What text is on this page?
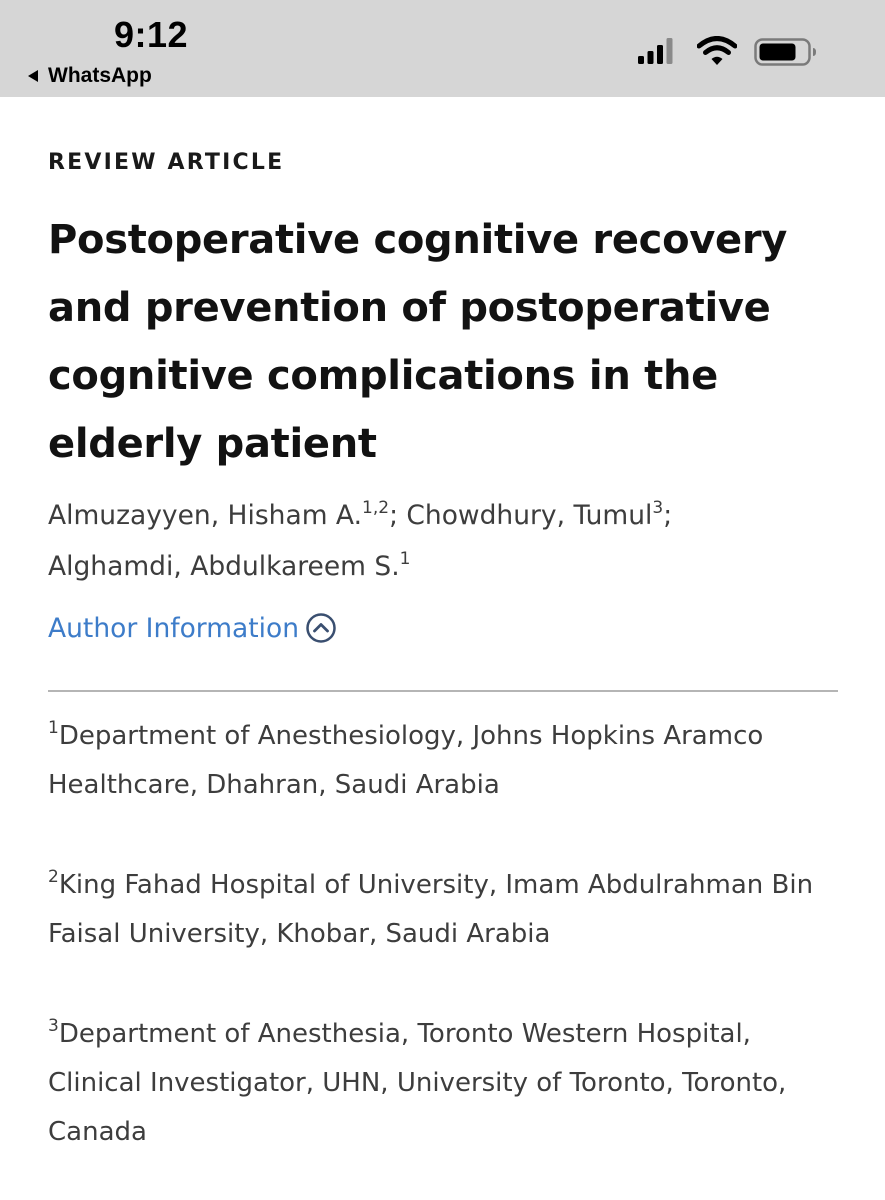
9:12
WhatsApp
REVIEW ARTICLE
Postoperative cognitive recovery and prevention of postoperative cognitive complications in the elderly patient
Almuzayyen, Hisham A.$^{1,2}$; Chowdhury, Tumul$^3$;
Alghamdi, Abdulkareem S.$^1$
Author Information
$^1$Department of Anesthesiology, Johns Hopkins Aramco Healthcare, Dhahran, Saudi Arabia
$^2$King Fahad Hospital of University, Imam Abdulrahman Bin Faisal University, Khobar, Saudi Arabia
$^3$Department of Anesthesia, Toronto Western Hospital, Clinical Investigator, UHN, University of Toronto, Toronto, Canada
